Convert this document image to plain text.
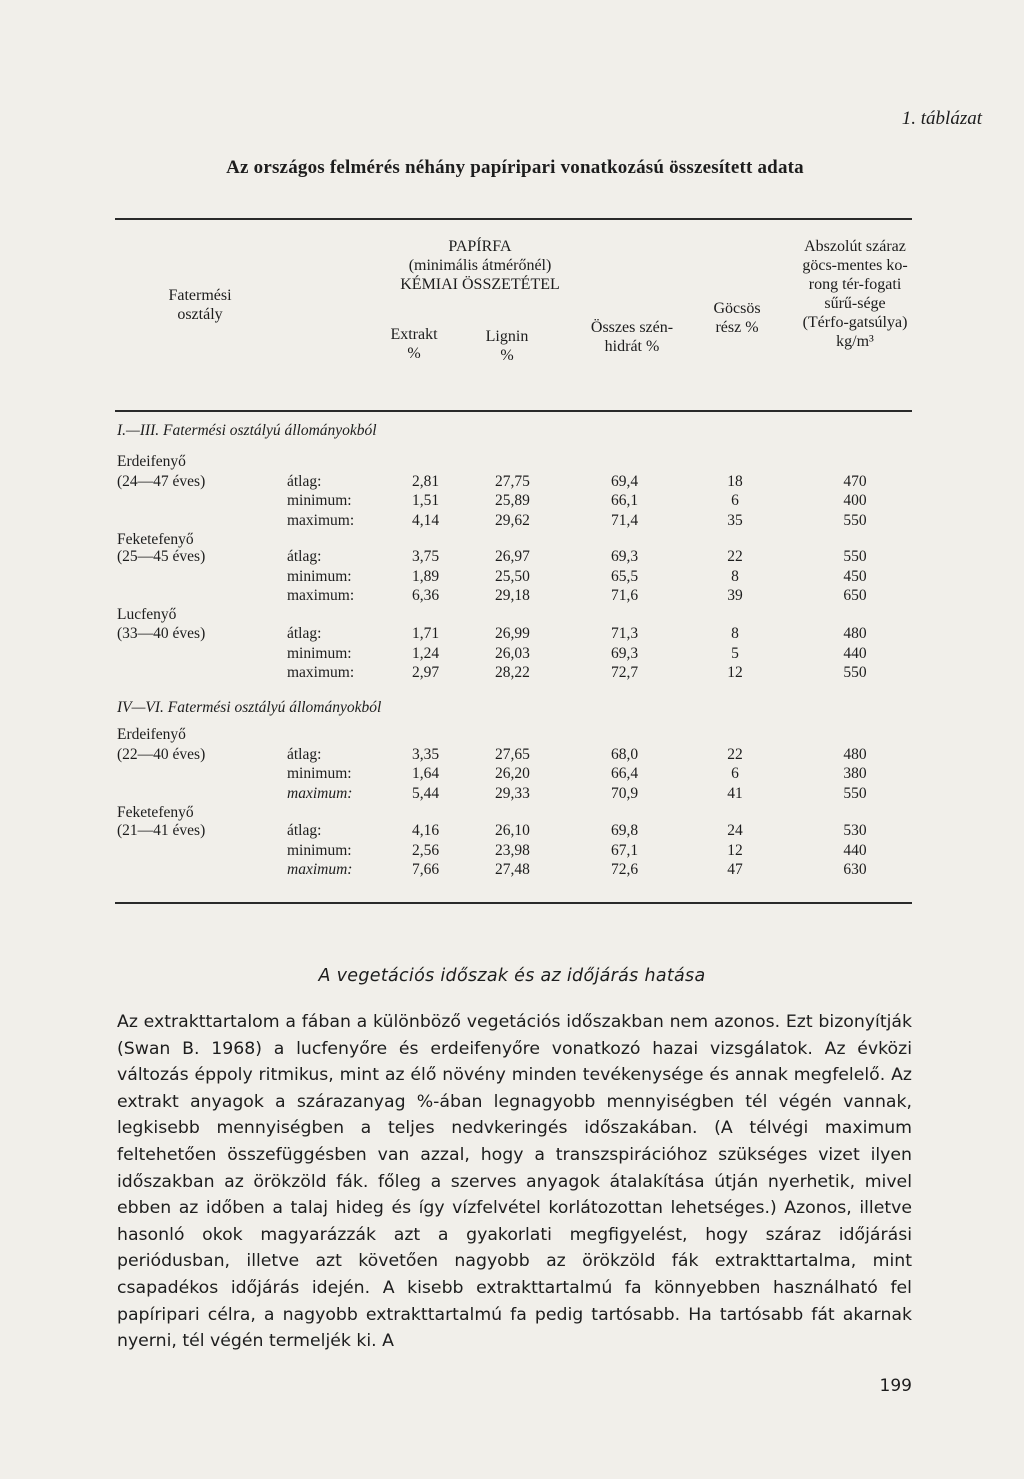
1. táblázat
Az országos felmérés néhány papíripari vonatkozású összesített adata
Fatermési osztály
PAPÍRFA
(minimális átmérőnél)
KÉMIAI ÖSSZETÉTEL
Extrakt %
Lignin %
Összes szén-hidrát %
Göcsös rész %
Abszolút száraz göcs-mentes ko-rong tér-fogati sűrű-sége (Térfo-gatsúlya) kg/m³
I.—III. Fatermési osztályú állományokból
Erdeifenyő
(24—47 éves)	átlag:	2,81	27,75	69,4	18	470
minimum:	1,51	25,89	66,1	6	400
maximum:	4,14	29,62	71,4	35	550
Feketefenyő
(25—45 éves)	átlag:	3,75	26,97	69,3	22	550
minimum:	1,89	25,50	65,5	8	450
maximum:	6,36	29,18	71,6	39	650
Lucfenyő
(33—40 éves)	átlag:	1,71	26,99	71,3	8	480
minimum:	1,24	26,03	69,3	5	440
maximum:	2,97	28,22	72,7	12	550
IV—VI. Fatermési osztályú állományokból
Erdeifenyő
(22—40 éves)	átlag:	3,35	27,65	68,0	22	480
minimum:	1,64	26,20	66,4	6	380
maximum:	5,44	29,33	70,9	41	550
Feketefenyő
(21—41 éves)	átlag:	4,16	26,10	69,8	24	530
minimum:	2,56	23,98	67,1	12	440
maximum:	7,66	27,48	72,6	47	630
A vegetációs időszak és az időjárás hatása
Az extrakttartalom a fában a különböző vegetációs időszakban nem azonos. Ezt bizonyítják (Swan B. 1968) a lucfenyőre és erdeifenyőre vonatkozó hazai vizsgálatok. Az évközi változás éppoly ritmikus, mint az élő növény minden tevékenysége és annak megfelelő. Az extrakt anyagok a szárazanyag %-ában legnagyobb mennyiségben tél végén vannak, legkisebb mennyiségben a teljes nedvkeringés időszakában. (A télvégi maximum feltehetően összefüggésben van azzal, hogy a transzspirációhoz szükséges vizet ilyen időszakban az örökzöld fák. főleg a szerves anyagok átalakítása útján nyerhetik, mivel ebben az időben a talaj hideg és így vízfelvétel korlátozottan lehetséges.) Azonos, illetve hasonló okok magyarázzák azt a gyakorlati megfigyelést, hogy száraz időjárási periódusban, illetve azt követően nagyobb az örökzöld fák extrakttartalma, mint csapadékos időjárás idején. A kisebb extrakttartalmú fa könnyebben használható fel papíripari célra, a nagyobb extrakttartalmú fa pedig tartósabb. Ha tartósabb fát akarnak nyerni, tél végén termeljék ki. A
199
